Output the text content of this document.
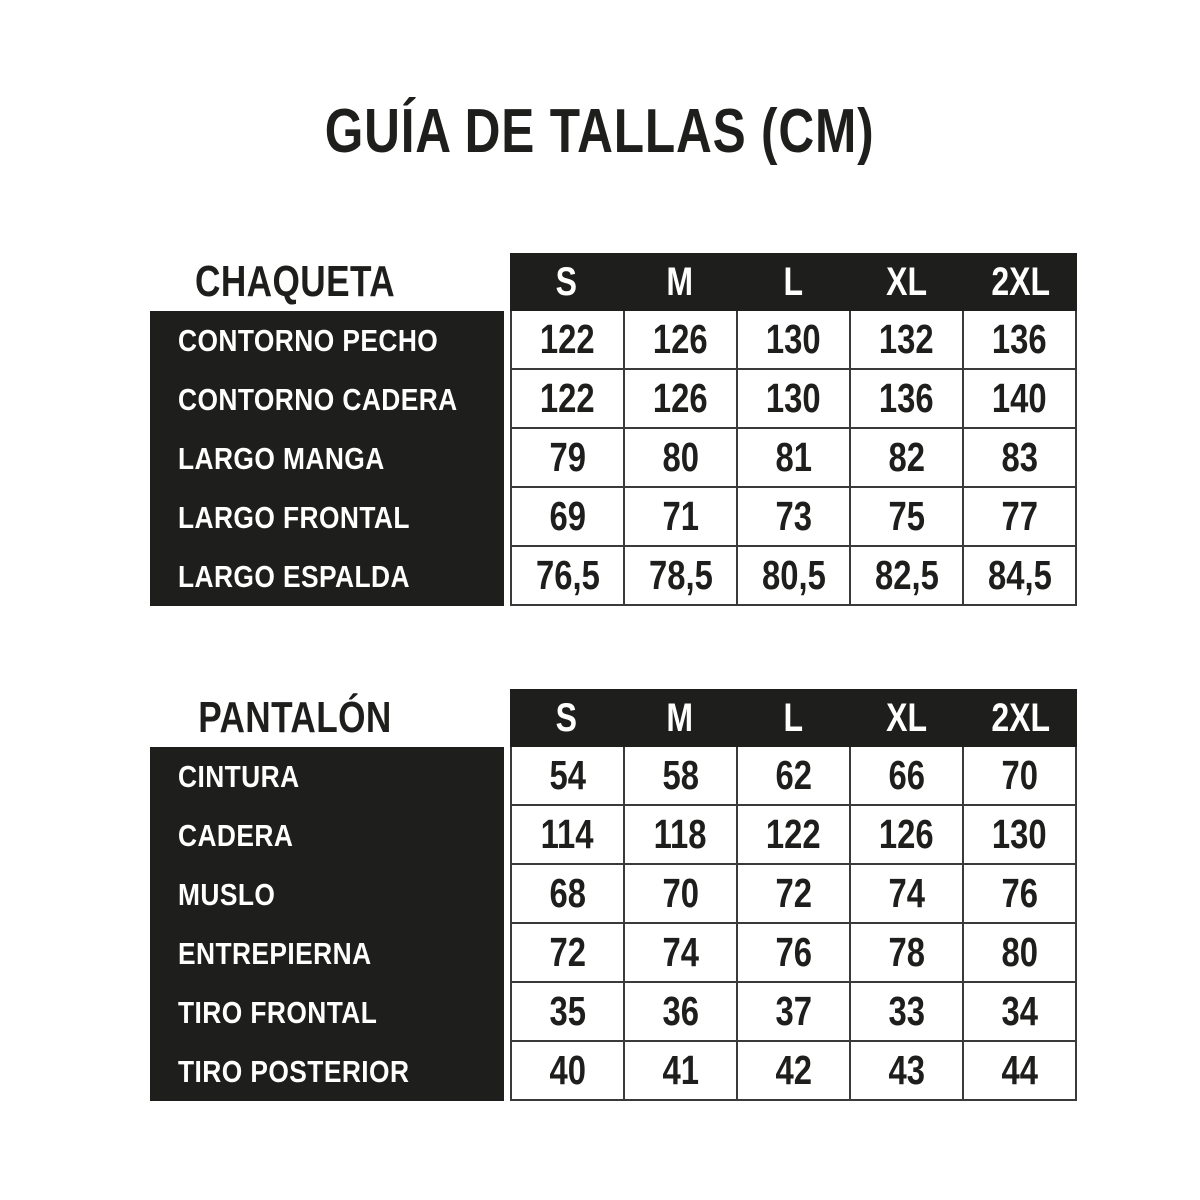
GUÍA DE TALLAS (CM)
CHAQUETA	S M L XL 2XL
CONTORNO PECHO
CONTORNO CADERA
LARGO MANGA
LARGO FRONTAL
LARGO ESPALDA
122 126 130 132 136
122 126 130 136 140
79 80 81 82 83
69 71 73 75 77
76,5 78,5 80,5 82,5 84,5
PANTALÓN	S M L XL 2XL
CINTURA
CADERA
MUSLO
ENTREPIERNA
TIRO FRONTAL
TIRO POSTERIOR
54 58 62 66 70
114 118 122 126 130
68 70 72 74 76
72 74 76 78 80
35 36 37 33 34
40 41 42 43 44
